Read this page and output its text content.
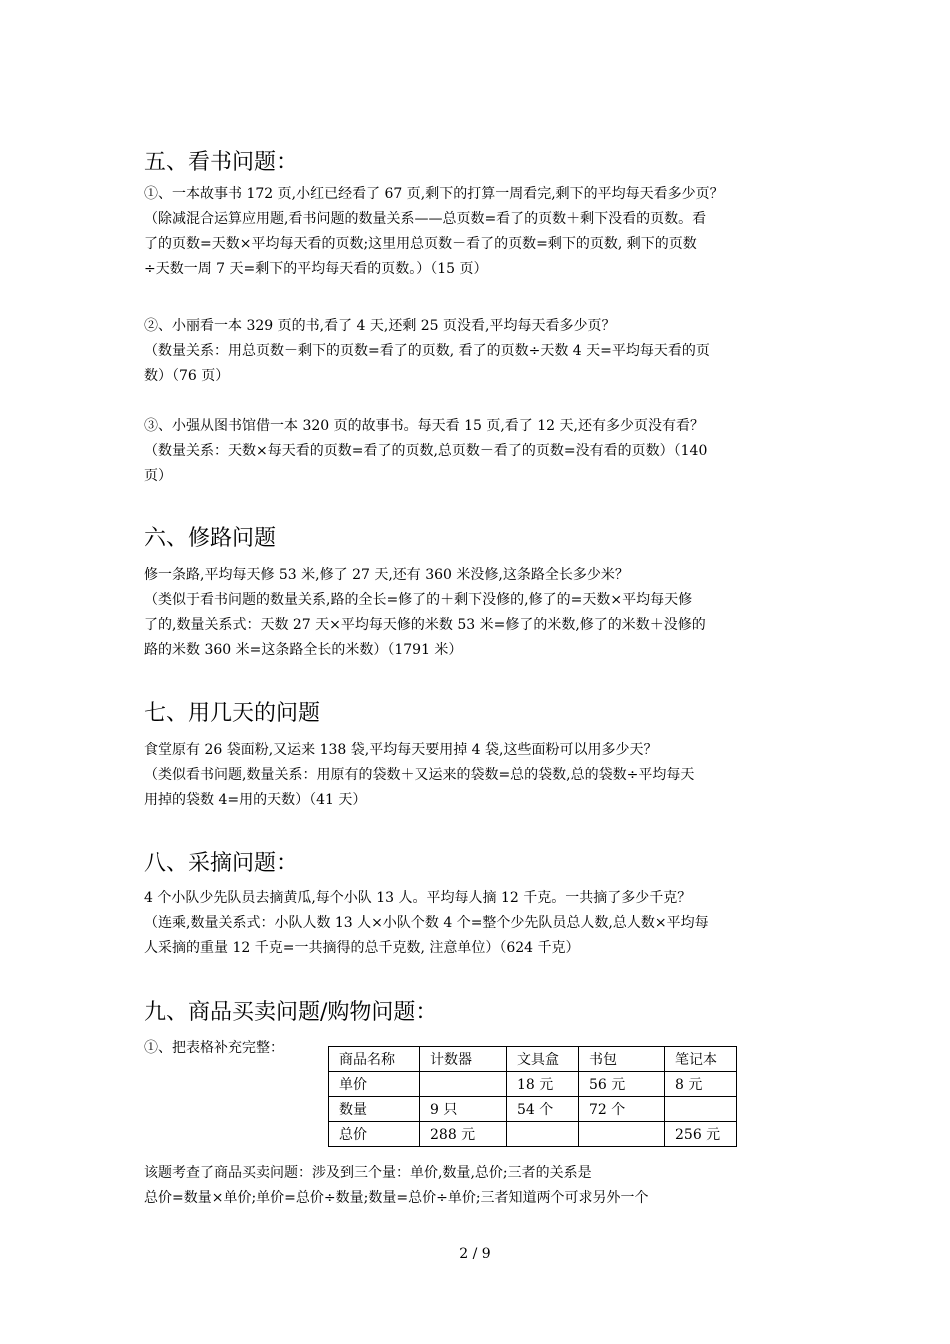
五、看书问题：
①、一本故事书 172 页,小红已经看了 67 页,剩下的打算一周看完,剩下的平均每天看多少页？
（除减混合运算应用题,看书问题的数量关系——总页数=看了的页数＋剩下没看的页数。看
了的页数=天数×平均每天看的页数;这里用总页数－看了的页数=剩下的页数, 剩下的页数
÷天数一周 7 天=剩下的平均每天看的页数。）（15 页）
②、小丽看一本 329 页的书,看了 4 天,还剩 25 页没看,平均每天看多少页？
（数量关系：用总页数－剩下的页数=看了的页数, 看了的页数÷天数 4 天=平均每天看的页
数）（76 页）
③、小强从图书馆借一本 320 页的故事书。每天看 15 页,看了 12 天,还有多少页没有看？
（数量关系：天数×每天看的页数=看了的页数,总页数－看了的页数=没有看的页数）（140
页）
六、修路问题
修一条路,平均每天修 53 米,修了 27 天,还有 360 米没修,这条路全长多少米？
（类似于看书问题的数量关系,路的全长=修了的＋剩下没修的,修了的=天数×平均每天修
了的,数量关系式：天数 27 天×平均每天修的米数 53 米=修了的米数,修了的米数＋没修的
路的米数 360 米=这条路全长的米数）（1791 米）
七、用几天的问题
食堂原有 26 袋面粉,又运来 138 袋,平均每天要用掉 4 袋,这些面粉可以用多少天？
（类似看书问题,数量关系：用原有的袋数＋又运来的袋数=总的袋数,总的袋数÷平均每天
用掉的袋数 4=用的天数）（41 天）
八、采摘问题：
4 个小队少先队员去摘黄瓜,每个小队 13 人。平均每人摘 12 千克。一共摘了多少千克？
（连乘,数量关系式：小队人数 13 人×小队个数 4 个=整个少先队员总人数,总人数×平均每
人采摘的重量 12 千克=一共摘得的总千克数, 注意单位）（624 千克）
九、商品买卖问题/购物问题：
①、把表格补充完整：
商品名称	计数器	文具盒	书包	笔记本
单价		18 元	56 元	8 元
数量	9 只	54 个	72 个	
总价	288 元			256 元
该题考查了商品买卖问题：涉及到三个量：单价,数量,总价;三者的关系是
总价=数量×单价;单价=总价÷数量;数量=总价÷单价;三者知道两个可求另外一个
2 / 9
